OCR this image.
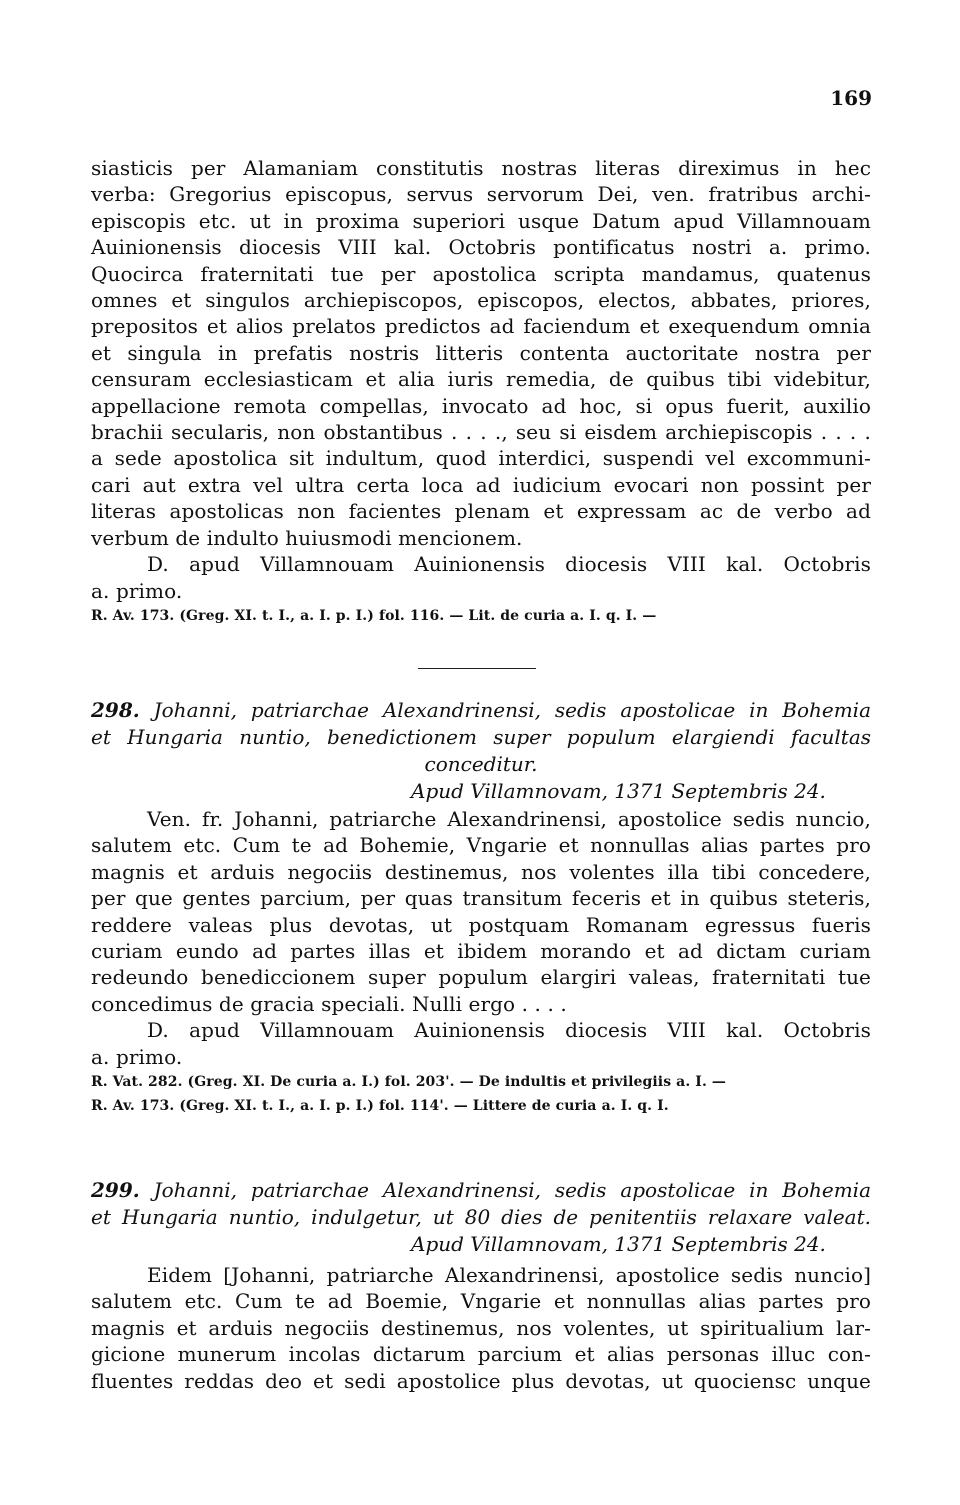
169
siasticis per Alamaniam constitutis nostras literas direximus in hec
verba: Gregorius episcopus, servus servorum Dei, ven. fratribus archi-
episcopis etc. ut in proxima superiori usque Datum apud Villamnouam
Auinionensis diocesis VIII kal. Octobris pontificatus nostri a. primo.
Quocirca fraternitati tue per apostolica scripta mandamus, quatenus
omnes et singulos archiepiscopos, episcopos, electos, abbates, priores,
prepositos et alios prelatos predictos ad faciendum et exequendum omnia
et singula in prefatis nostris litteris contenta auctoritate nostra per
censuram ecclesiasticam et alia iuris remedia, de quibus tibi videbitur,
appellacione remota compellas, invocato ad hoc, si opus fuerit, auxilio
brachii secularis, non obstantibus . . . ., seu si eisdem archiepiscopis . . . .
a sede apostolica sit indultum, quod interdici, suspendi vel excommuni-
cari aut extra vel ultra certa loca ad iudicium evocari non possint per
literas apostolicas non facientes plenam et expressam ac de verbo ad
verbum de indulto huiusmodi mencionem.
D. apud Villamnouam Auinionensis diocesis VIII kal. Octobris
a. primo.
R. Av. 173. (Greg. XI. t. I., a. I. p. I.) fol. 116. — Lit. de curia a. I. q. I. —
298. Johanni, patriarchae Alexandrinensi, sedis apostolicae in Bohemia
et Hungaria nuntio, benedictionem super populum elargiendi facultas
conceditur.
Apud Villamnovam, 1371 Septembris 24.
Ven. fr. Johanni, patriarche Alexandrinensi, apostolice sedis nuncio,
salutem etc. Cum te ad Bohemie, Vngarie et nonnullas alias partes pro
magnis et arduis negociis destinemus, nos volentes illa tibi concedere,
per que gentes parcium, per quas transitum feceris et in quibus steteris,
reddere valeas plus devotas, ut postquam Romanam egressus fueris
curiam eundo ad partes illas et ibidem morando et ad dictam curiam
redeundo benediccionem super populum elargiri valeas, fraternitati tue
concedimus de gracia speciali. Nulli ergo . . . .
D. apud Villamnouam Auinionensis diocesis VIII kal. Octobris
a. primo.
R. Vat. 282. (Greg. XI. De curia a. I.) fol. 203'. — De indultis et privilegiis a. I. —
R. Av. 173. (Greg. XI. t. I., a. I. p. I.) fol. 114'. — Littere de curia a. I. q. I.
299. Johanni, patriarchae Alexandrinensi, sedis apostolicae in Bohemia
et Hungaria nuntio, indulgetur, ut 80 dies de penitentiis relaxare valeat.
Apud Villamnovam, 1371 Septembris 24.
Eidem [Johanni, patriarche Alexandrinensi, apostolice sedis nuncio]
salutem etc. Cum te ad Boemie, Vngarie et nonnullas alias partes pro
magnis et arduis negociis destinemus, nos volentes, ut spiritualium lar-
gicione munerum incolas dictarum parcium et alias personas illuc con-
fluentes reddas deo et sedi apostolice plus devotas, ut quociensc unque
